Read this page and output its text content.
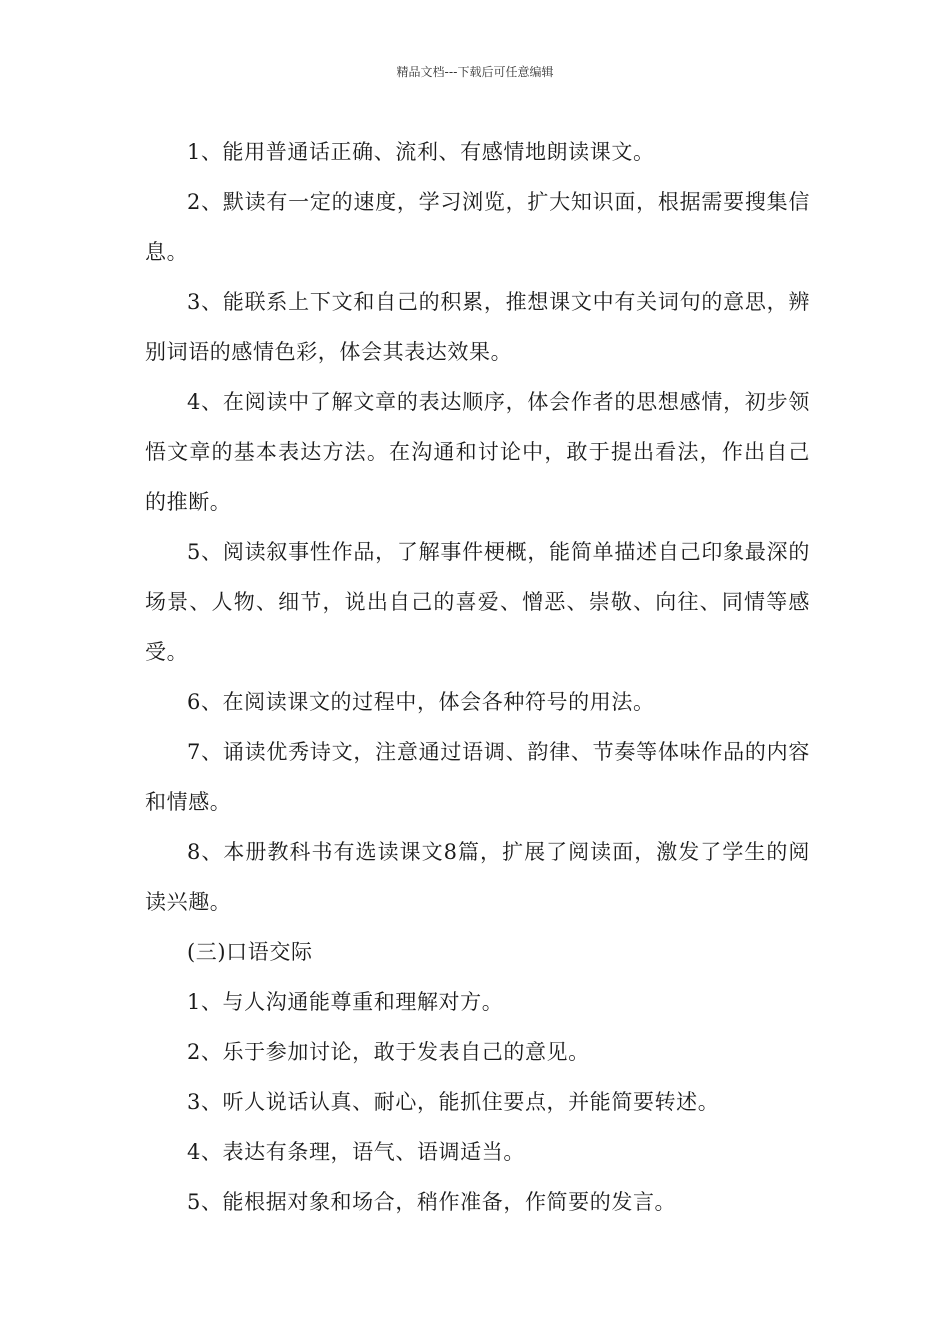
精品文档---下载后可任意编辑

1、能用普通话正确、流利、有感情地朗读课文。

2、默读有一定的速度，学习浏览，扩大知识面，根据需要搜集信息。

3、能联系上下文和自己的积累，推想课文中有关词句的意思，辨别词语的感情色彩，体会其表达效果。

4、在阅读中了解文章的表达顺序，体会作者的思想感情，初步领悟文章的基本表达方法。在沟通和讨论中，敢于提出看法，作出自己的推断。

5、阅读叙事性作品，了解事件梗概，能简单描述自己印象最深的场景、人物、细节，说出自己的喜爱、憎恶、崇敬、向往、同情等感受。

6、在阅读课文的过程中，体会各种符号的用法。

7、诵读优秀诗文，注意通过语调、韵律、节奏等体味作品的内容和情感。

8、本册教科书有选读课文8篇，扩展了阅读面，激发了学生的阅读兴趣。

(三)口语交际

1、与人沟通能尊重和理解对方。

2、乐于参加讨论，敢于发表自己的意见。

3、听人说话认真、耐心，能抓住要点，并能简要转述。

4、表达有条理，语气、语调适当。

5、能根据对象和场合，稍作准备，作简要的发言。
